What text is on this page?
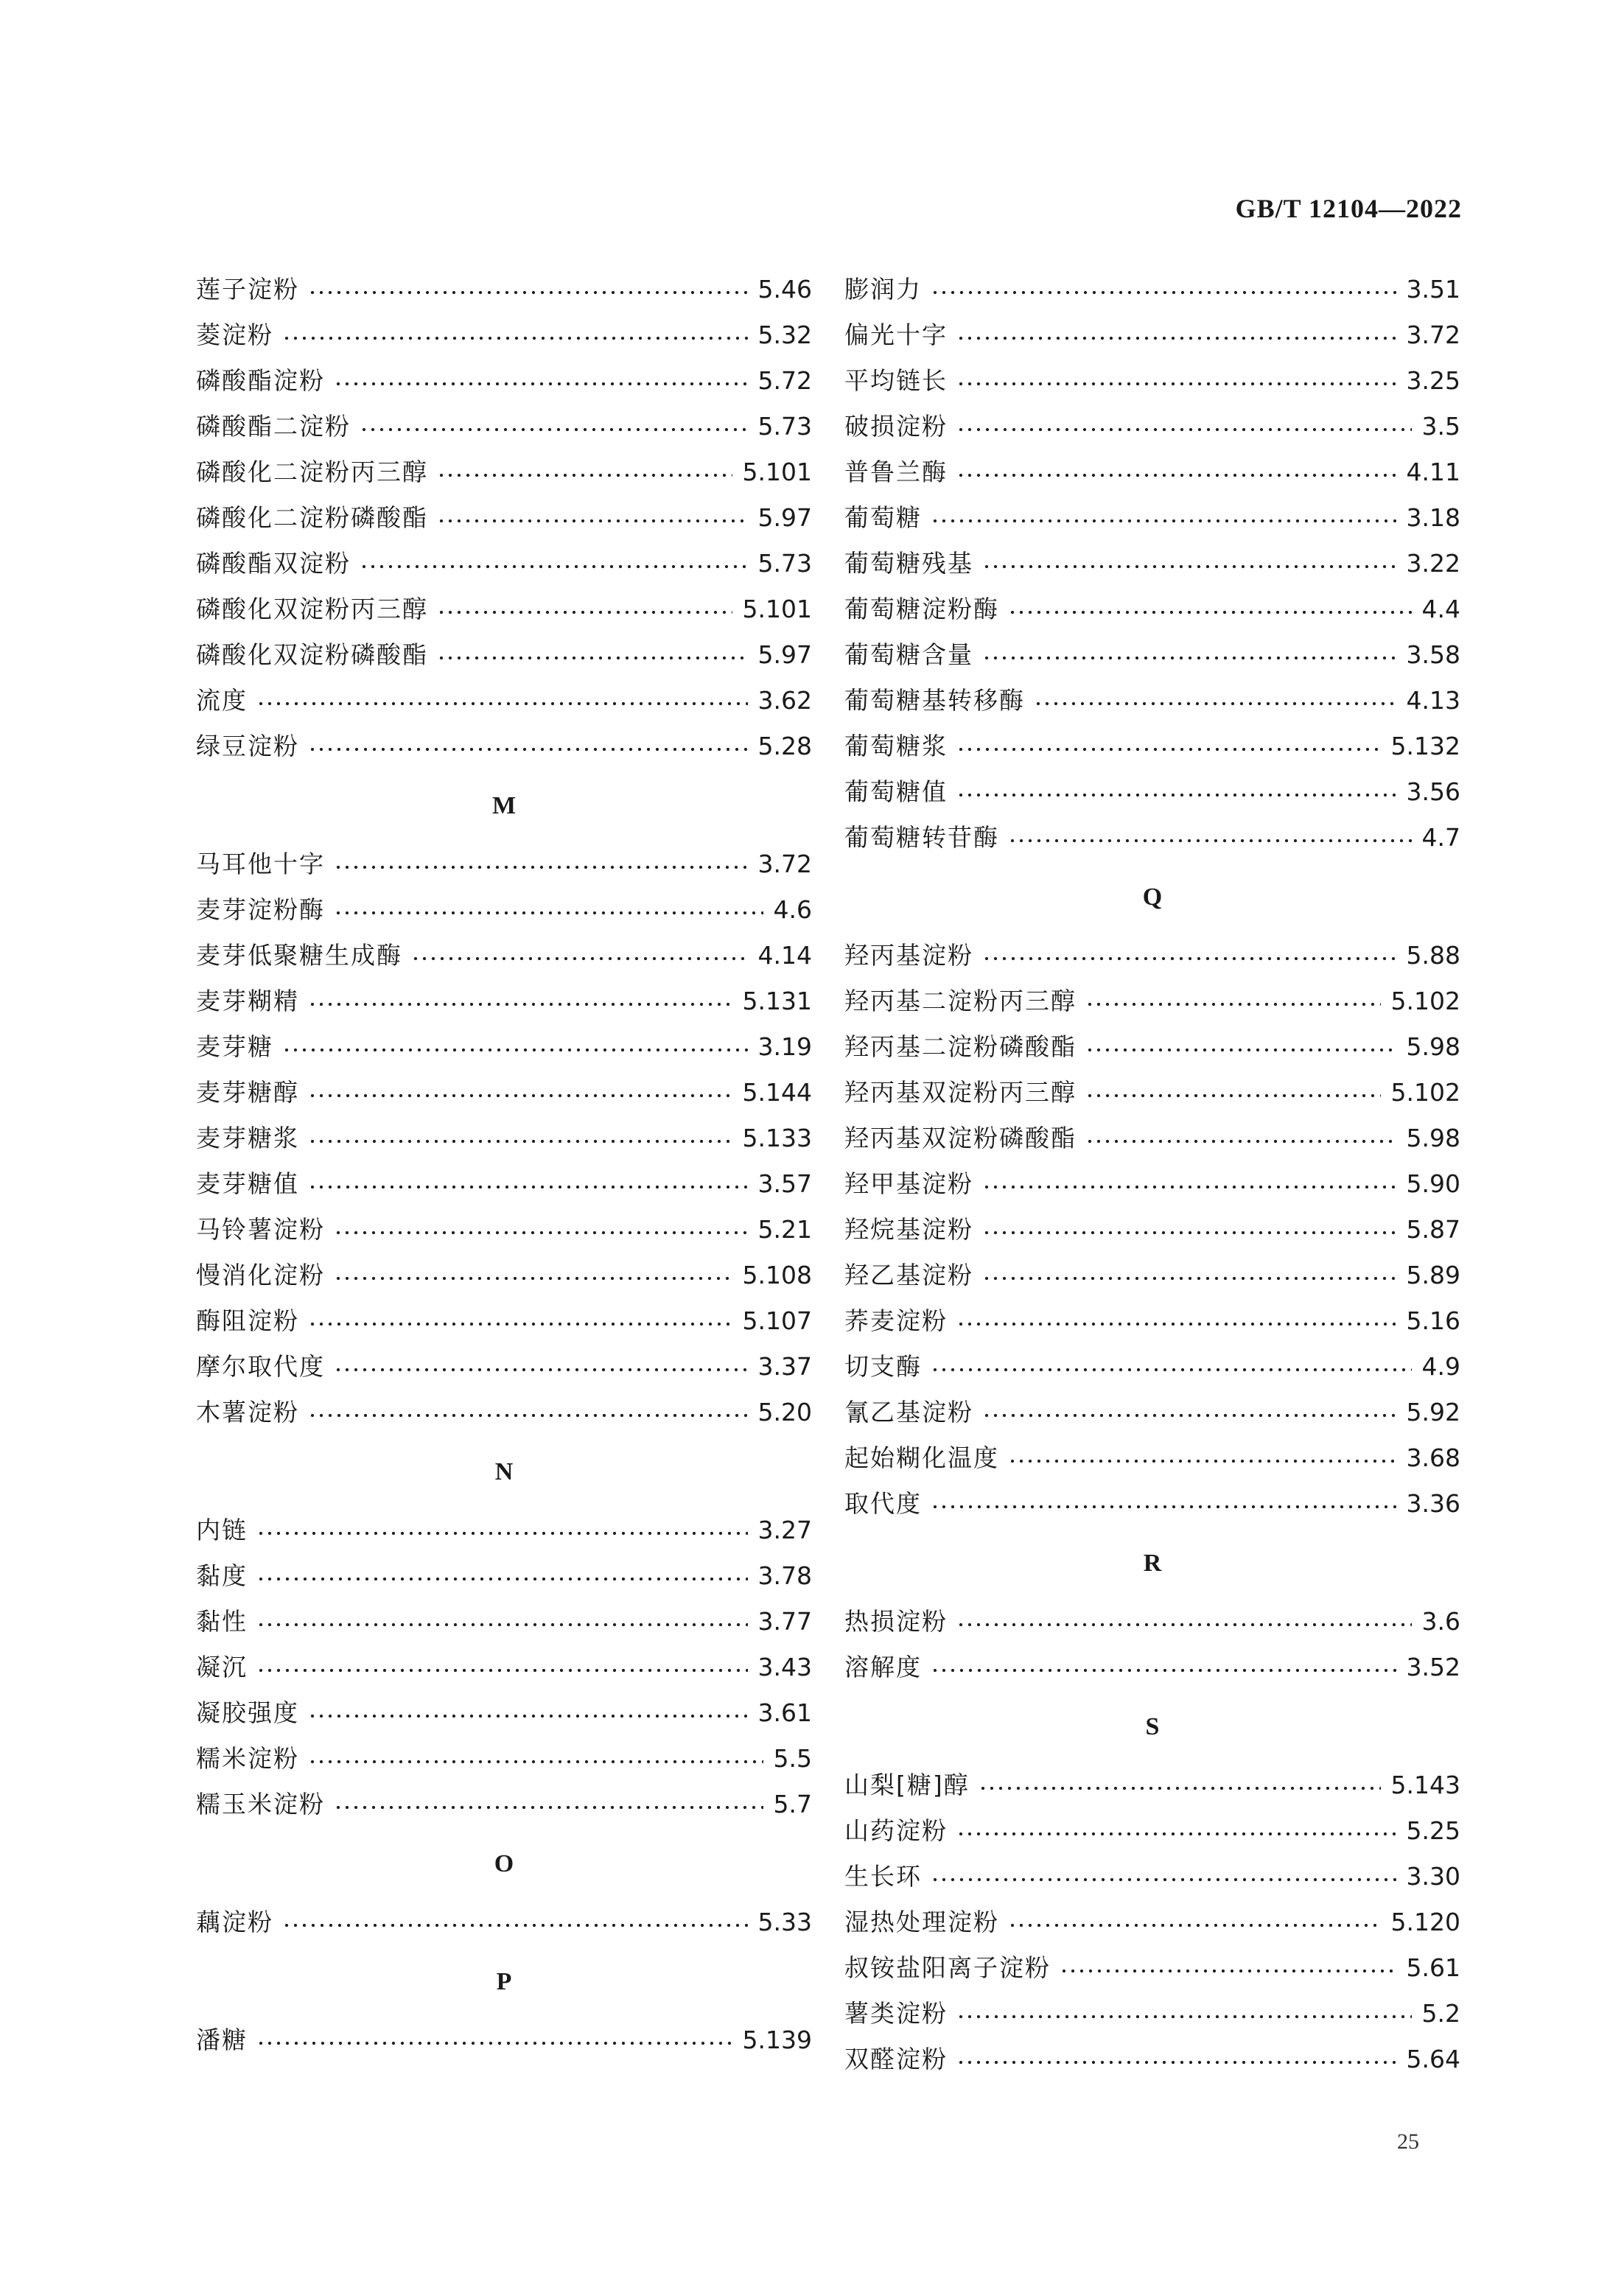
GB/T 12104—2022
莲子淀粉	5.46
菱淀粉	5.32
磷酸酯淀粉	5.72
磷酸酯二淀粉	5.73
磷酸化二淀粉丙三醇	5.101
磷酸化二淀粉磷酸酯	5.97
磷酸酯双淀粉	5.73
磷酸化双淀粉丙三醇	5.101
磷酸化双淀粉磷酸酯	5.97
流度	3.62
绿豆淀粉	5.28
M
马耳他十字	3.72
麦芽淀粉酶	4.6
麦芽低聚糖生成酶	4.14
麦芽糊精	5.131
麦芽糖	3.19
麦芽糖醇	5.144
麦芽糖浆	5.133
麦芽糖值	3.57
马铃薯淀粉	5.21
慢消化淀粉	5.108
酶阻淀粉	5.107
摩尔取代度	3.37
木薯淀粉	5.20
N
内链	3.27
黏度	3.78
黏性	3.77
凝沉	3.43
凝胶强度	3.61
糯米淀粉	5.5
糯玉米淀粉	5.7
O
藕淀粉	5.33
P
潘糖	5.139
膨润力	3.51
偏光十字	3.72
平均链长	3.25
破损淀粉	3.5
普鲁兰酶	4.11
葡萄糖	3.18
葡萄糖残基	3.22
葡萄糖淀粉酶	4.4
葡萄糖含量	3.58
葡萄糖基转移酶	4.13
葡萄糖浆	5.132
葡萄糖值	3.56
葡萄糖转苷酶	4.7
Q
羟丙基淀粉	5.88
羟丙基二淀粉丙三醇	5.102
羟丙基二淀粉磷酸酯	5.98
羟丙基双淀粉丙三醇	5.102
羟丙基双淀粉磷酸酯	5.98
羟甲基淀粉	5.90
羟烷基淀粉	5.87
羟乙基淀粉	5.89
荞麦淀粉	5.16
切支酶	4.9
氰乙基淀粉	5.92
起始糊化温度	3.68
取代度	3.36
R
热损淀粉	3.6
溶解度	3.52
S
山梨[糖]醇	5.143
山药淀粉	5.25
生长环	3.30
湿热处理淀粉	5.120
叔铵盐阳离子淀粉	5.61
薯类淀粉	5.2
双醛淀粉	5.64
25
